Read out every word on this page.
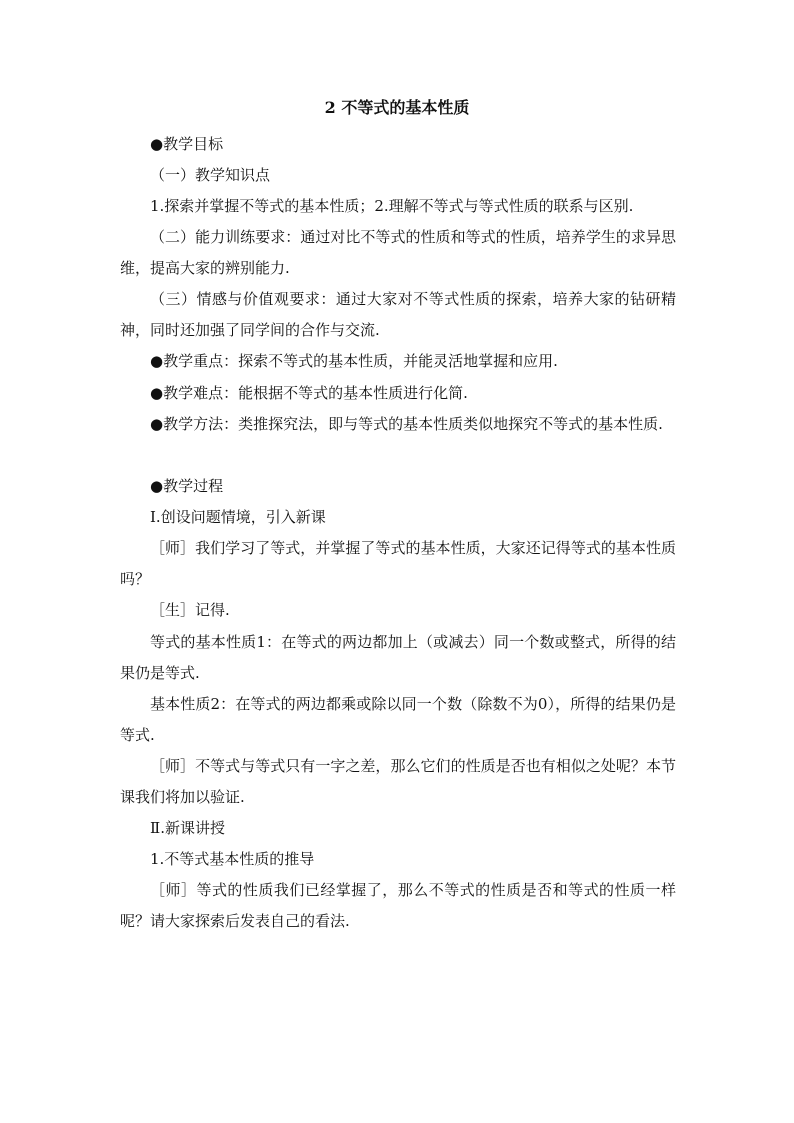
2 不等式的基本性质

●教学目标

（一）教学知识点

1.探索并掌握不等式的基本性质；2.理解不等式与等式性质的联系与区别.

（二）能力训练要求：通过对比不等式的性质和等式的性质，培养学生的求异思维，提高大家的辨别能力.

（三）情感与价值观要求：通过大家对不等式性质的探索，培养大家的钻研精神，同时还加强了同学间的合作与交流.

●教学重点：探索不等式的基本性质，并能灵活地掌握和应用.

●教学难点：能根据不等式的基本性质进行化简.

●教学方法：类推探究法，即与等式的基本性质类似地探究不等式的基本性质.

●教学过程

Ⅰ.创设问题情境，引入新课

［师］我们学习了等式，并掌握了等式的基本性质，大家还记得等式的基本性质吗？

［生］记得.

等式的基本性质1：在等式的两边都加上（或减去）同一个数或整式，所得的结果仍是等式.

基本性质2：在等式的两边都乘或除以同一个数（除数不为0），所得的结果仍是等式.

［师］不等式与等式只有一字之差，那么它们的性质是否也有相似之处呢？本节课我们将加以验证.

Ⅱ.新课讲授

1.不等式基本性质的推导

［师］等式的性质我们已经掌握了，那么不等式的性质是否和等式的性质一样呢？请大家探索后发表自己的看法.
